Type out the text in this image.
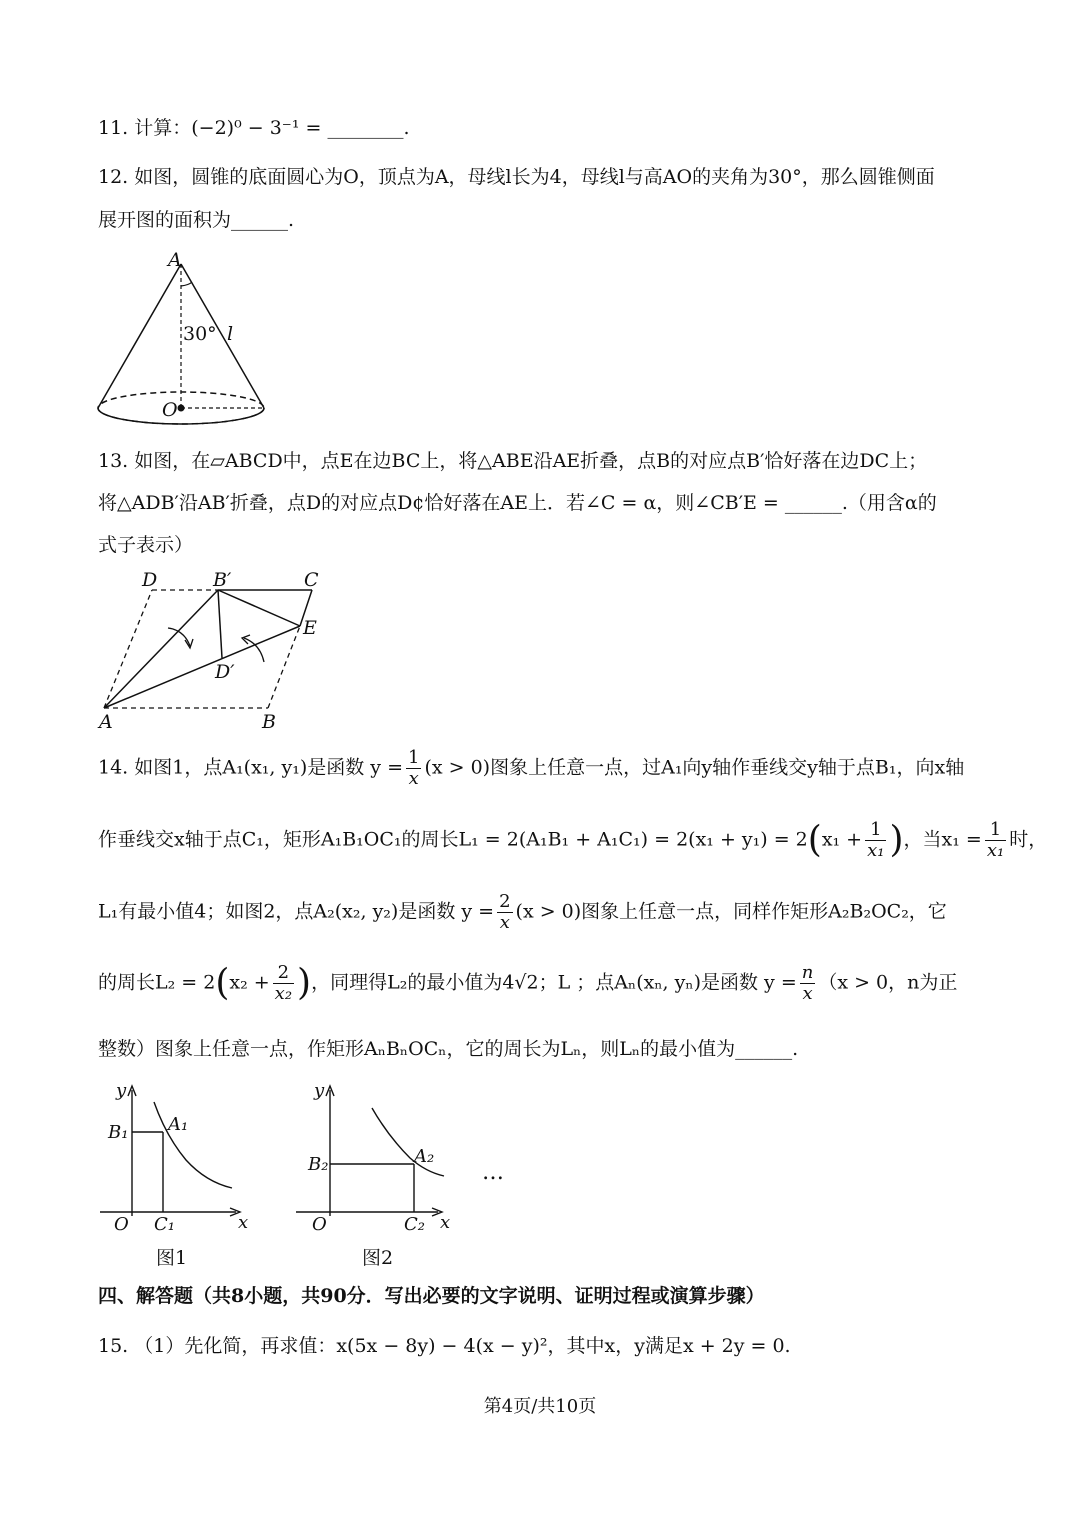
11. 计算：(−2)⁰ − 3⁻¹ = ________.
12. 如图，圆锥的底面圆心为O，顶点为A，母线l长为4，母线l与高AO的夹角为30°，那么圆锥侧面
展开图的面积为______.
A
30° l
O
13. 如图，在▱ABCD中，点E在边BC上，将△ABE沿AE折叠，点B的对应点B′恰好落在边DC上；
将△ADB′沿AB′折叠，点D的对应点D¢恰好落在AE上．若∠C = α，则∠CB′E = ______.（用含α的
式子表示）
D	B′	C
E
D′
A	B
14. 如图1，点A₁(x₁, y₁)是函数 $y = \frac{1}{x} (x > 0)$图象上任意一点，过A₁向y轴作垂线交y轴于点B₁，向x轴
作垂线交x轴于点C₁，矩形A₁B₁OC₁的周长$L_1 = 2(A_1B_1 + A_1C_1) = 2(x_1 + y_1) = 2(x_1 + \frac{1}{\text{x₁}}$ )，当$x_1 = \frac{1}{\text{x₁}}$ 时，
L₁有最小值4；如图2，点A₂(x₂, y₂)是函数 $y = \frac{2}{x} (x > 0)$图象上任意一点，同样作矩形A₂B₂OC₂，它
的周长$L_2 = 2(x_2 + \frac{2}{\text{x₂}}$ )，同理得L₂的最小值为4√2；L ；点Aₙ(xₙ, yₙ)是函数 $y = \frac{n}{x} (x > 0$，n为正
整数）图象上任意一点，作矩形AₙBₙOCₙ，它的周长为Lₙ，则Lₙ的最小值为______.
y
B₁ A₁
O C₁	x
图1
y
B₂	A₂
O	C₂ x
图2
…
四、解答题（共8小题，共90分．写出必要的文字说明、证明过程或演算步骤）
15. （1）先化简，再求值：x(5x − 8y) − 4(x − y)²，其中x，y满足x + 2y = 0.
第4页/共10页
